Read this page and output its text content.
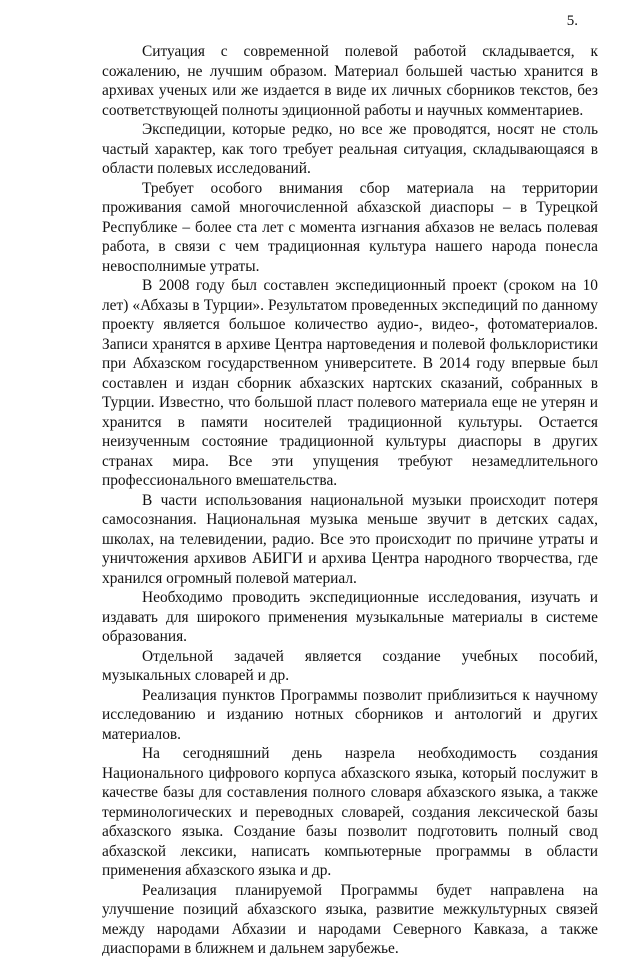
5.

Ситуация с современной полевой работой складывается, к сожалению, не лучшим образом. Материал большей частью хранится в архивах ученых или же издается в виде их личных сборников текстов, без соответствующей полноты эдиционной работы и научных комментариев.

Экспедиции, которые редко, но все же проводятся, носят не столь частый характер, как того требует реальная ситуация, складывающаяся в области полевых исследований.

Требует особого внимания сбор материала на территории проживания самой многочисленной абхазской диаспоры – в Турецкой Республике – более ста лет с момента изгнания абхазов не велась полевая работа, в связи с чем традиционная культура нашего народа понесла невосполнимые утраты.

В 2008 году был составлен экспедиционный проект (сроком на 10 лет) «Абхазы в Турции». Результатом проведенных экспедиций по данному проекту является большое количество аудио-, видео-, фотоматериалов. Записи хранятся в архиве Центра нартоведения и полевой фольклористики при Абхазском государственном университете. В 2014 году впервые был составлен и издан сборник абхазских нартских сказаний, собранных в Турции. Известно, что большой пласт полевого материала еще не утерян и хранится в памяти носителей традиционной культуры. Остается неизученным состояние традиционной культуры диаспоры в других странах мира. Все эти упущения требуют незамедлительного профессионального вмешательства.

В части использования национальной музыки происходит потеря самосознания. Национальная музыка меньше звучит в детских садах, школах, на телевидении, радио. Все это происходит по причине утраты и уничтожения архивов АБИГИ и архива Центра народного творчества, где хранился огромный полевой материал.

Необходимо проводить экспедиционные исследования, изучать и издавать для широкого применения музыкальные материалы в системе образования.

Отдельной задачей является создание учебных пособий, музыкальных словарей и др.

Реализация пунктов Программы позволит приблизиться к научному исследованию и изданию нотных сборников и антологий и других материалов.

На сегодняшний день назрела необходимость создания Национального цифрового корпуса абхазского языка, который послужит в качестве базы для составления полного словаря абхазского языка, а также терминологических и переводных словарей, создания лексической базы абхазского языка. Создание базы позволит подготовить полный свод абхазской лексики, написать компьютерные программы в области применения абхазского языка и др.

Реализация планируемой Программы будет направлена на улучшение позиций абхазского языка, развитие межкультурных связей между народами Абхазии и народами Северного Кавказа, а также диаспорами в ближнем и дальнем зарубежье.
